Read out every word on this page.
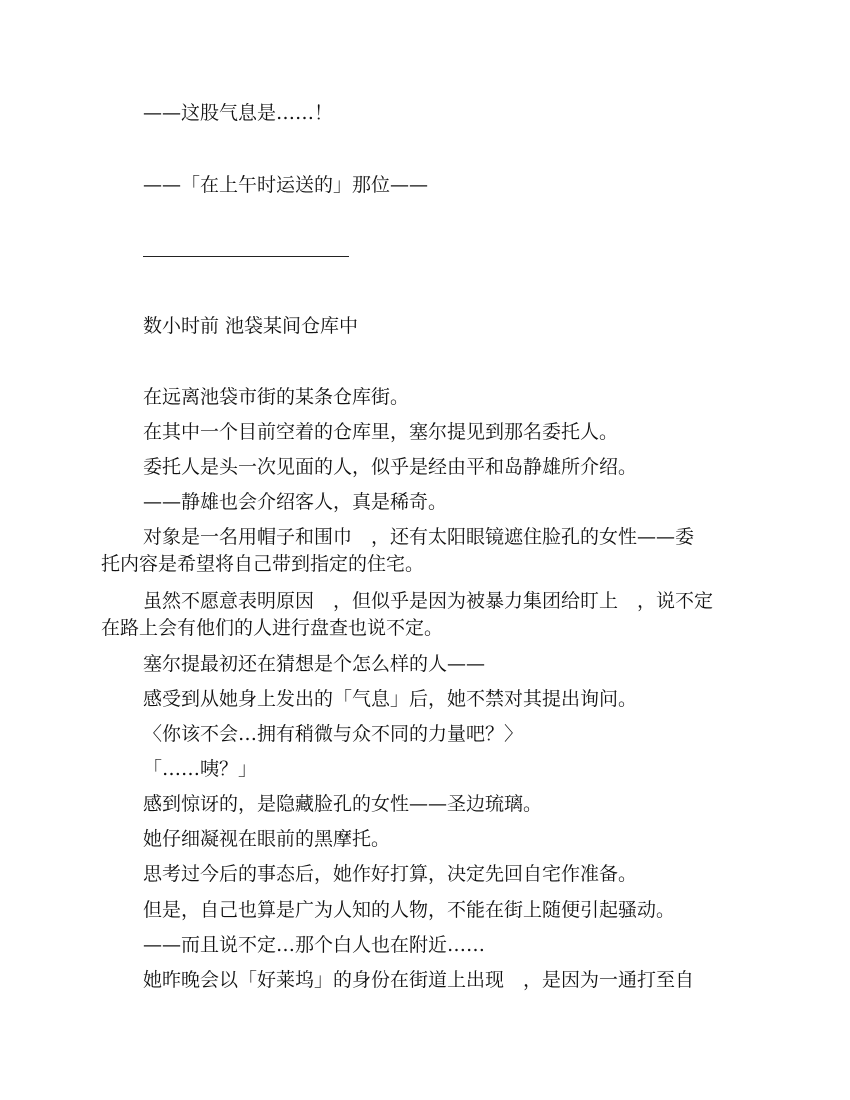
——这股气息是……！
——「在上午时运送的」那位——
数小时前 池袋某间仓库中
在远离池袋市街的某条仓库街。
在其中一个目前空着的仓库里，塞尔提见到那名委托人。
委托人是头一次见面的人，似乎是经由平和岛静雄所介绍。
——静雄也会介绍客人，真是稀奇。
对象是一名用帽子和围巾　，还有太阳眼镜遮住脸孔的女性——委
托内容是希望将自己带到指定的住宅。
虽然不愿意表明原因　，但似乎是因为被暴力集团给盯上　，说不定
在路上会有他们的人进行盘查也说不定。
塞尔提最初还在猜想是个怎么样的人——
感受到从她身上发出的「气息」后，她不禁对其提出询问。
〈你该不会…拥有稍微与众不同的力量吧？〉
「……咦？」
感到惊讶的，是隐藏脸孔的女性——圣边琉璃。
她仔细凝视在眼前的黑摩托。
思考过今后的事态后，她作好打算，决定先回自宅作准备。
但是，自己也算是广为人知的人物，不能在街上随便引起骚动。
——而且说不定…那个白人也在附近……
她昨晚会以「好莱坞」的身份在街道上出现　，是因为一通打至自
